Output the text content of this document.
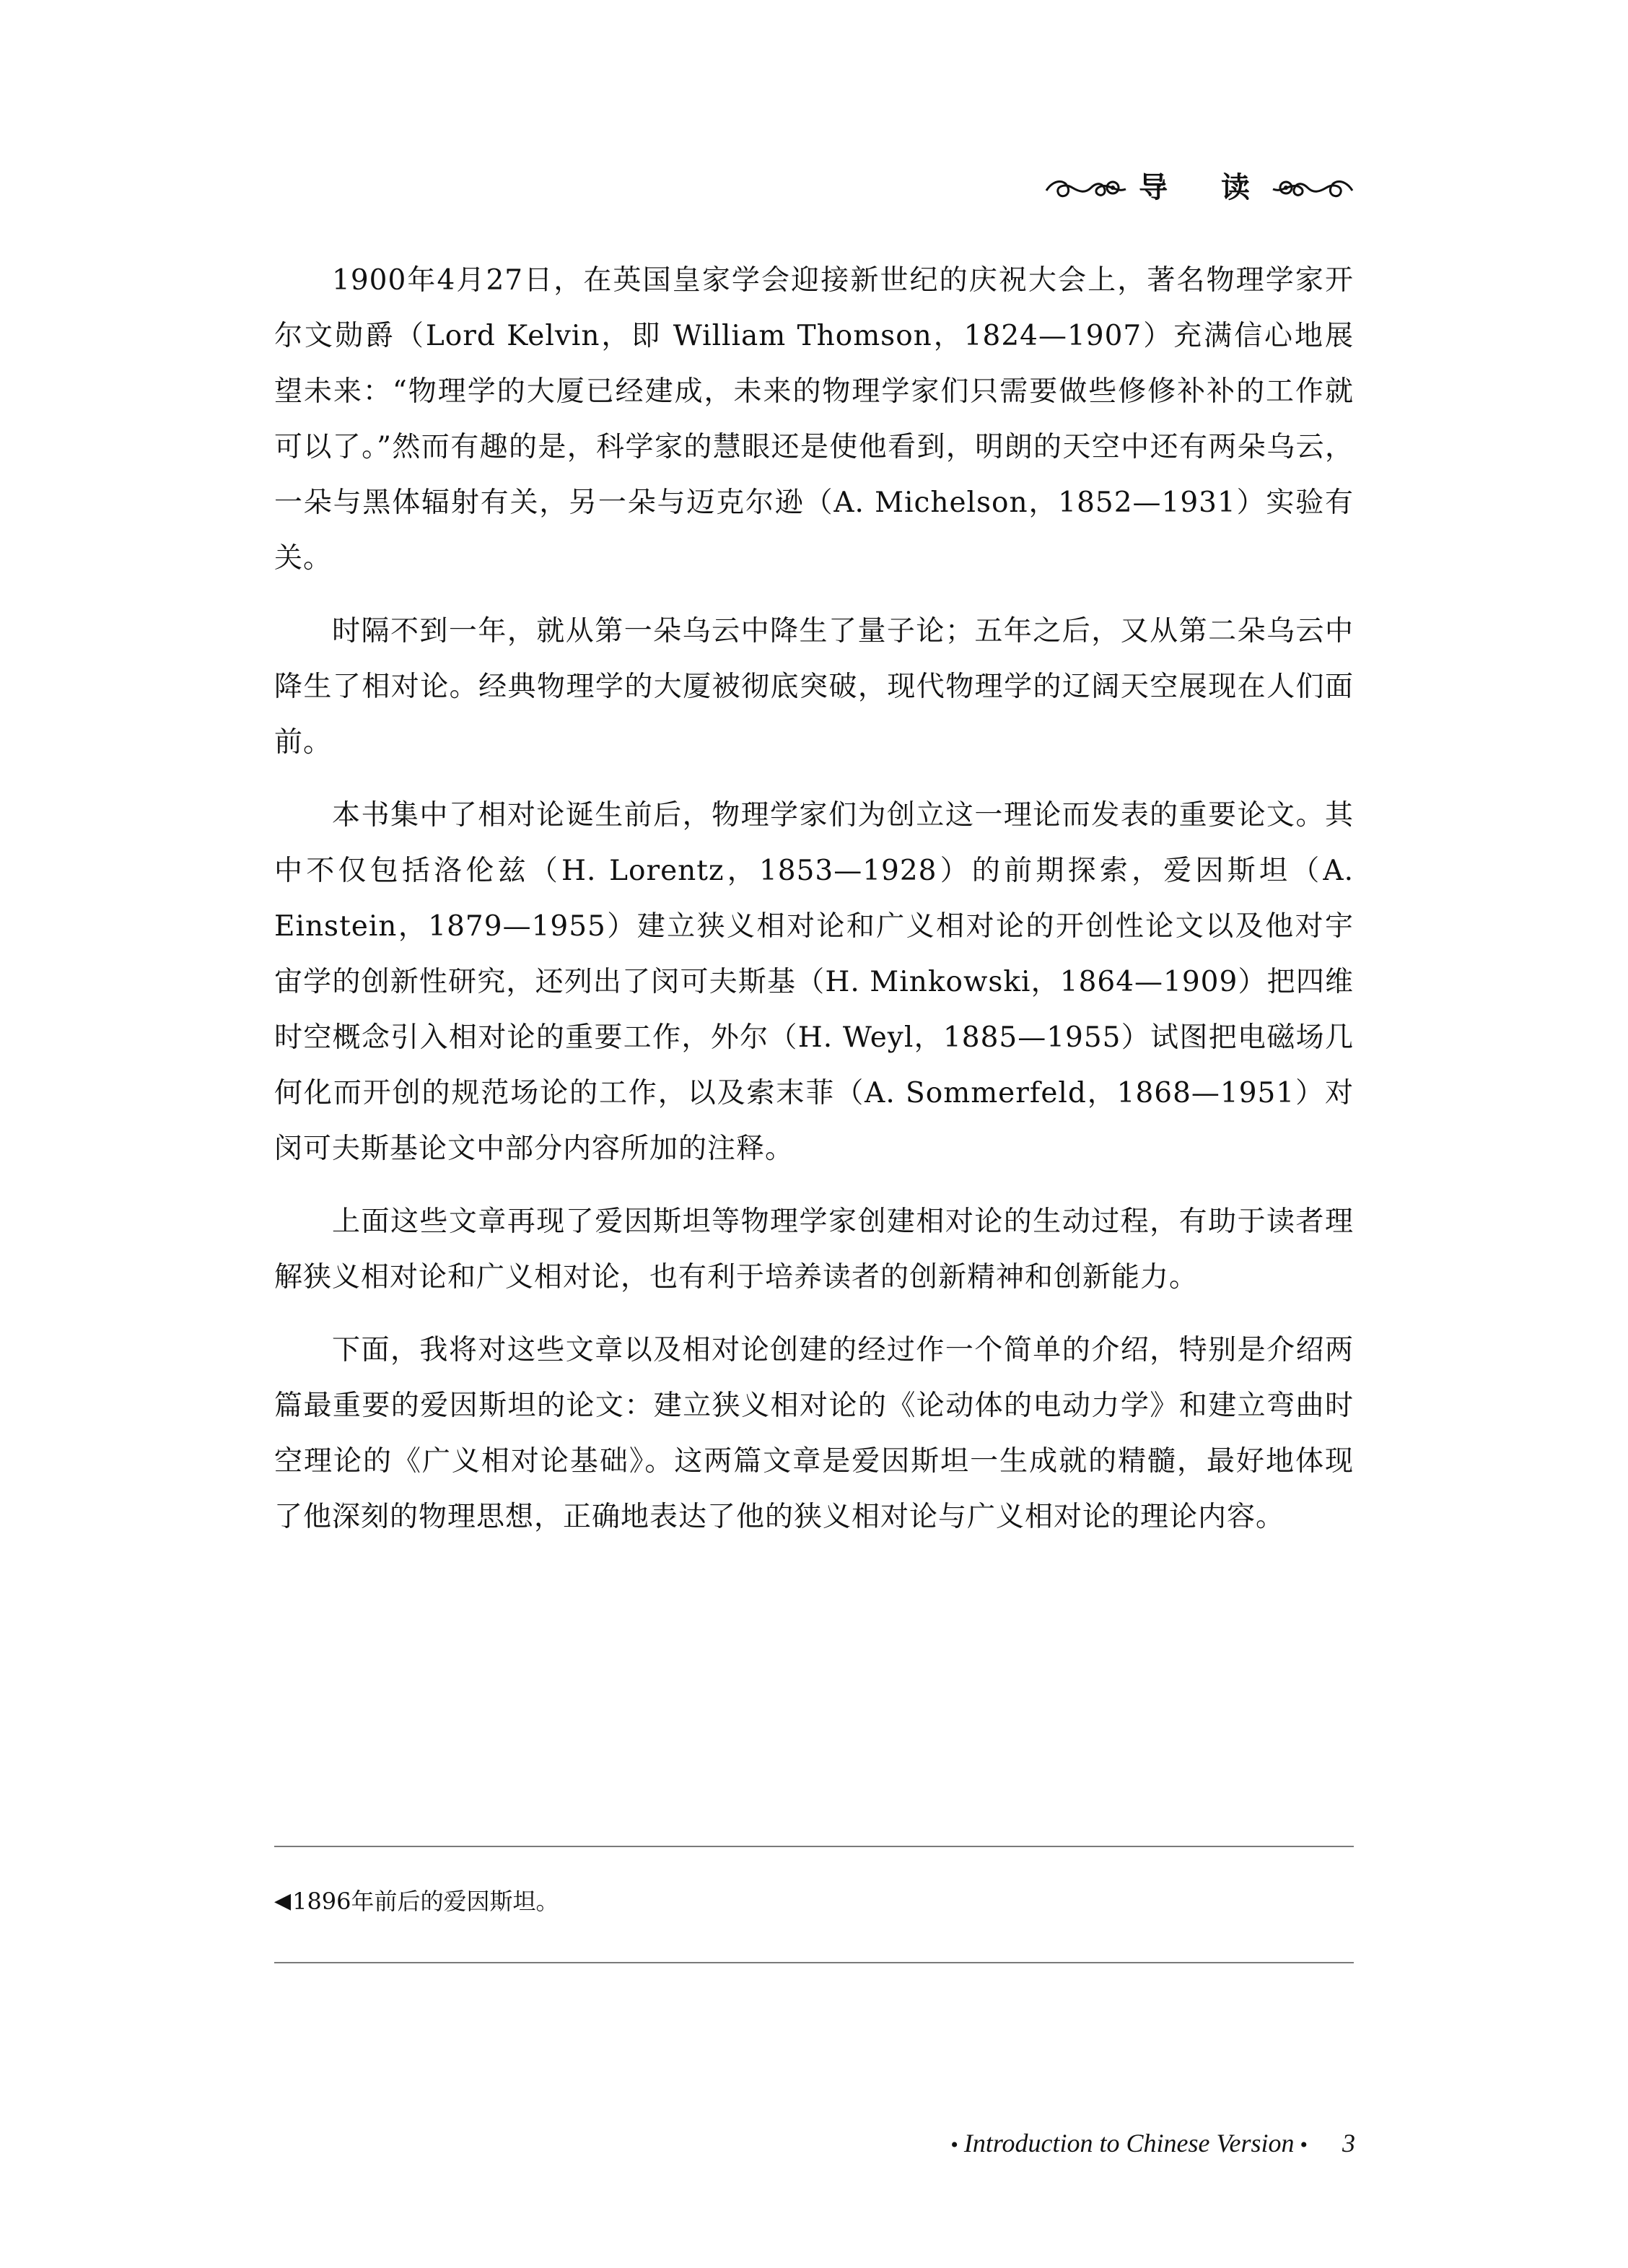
导 读

1900年4月27日，在英国皇家学会迎接新世纪的庆祝大会上，著名物理学家开尔文勋爵（Lord Kelvin，即 William Thomson，1824—1907）充满信心地展望未来：“物理学的大厦已经建成，未来的物理学家们只需要做些修修补补的工作就可以了。”然而有趣的是，科学家的慧眼还是使他看到，明朗的天空中还有两朵乌云，一朵与黑体辐射有关，另一朵与迈克尔逊（A. Michelson，1852—1931）实验有关。

时隔不到一年，就从第一朵乌云中降生了量子论；五年之后，又从第二朵乌云中降生了相对论。经典物理学的大厦被彻底突破，现代物理学的辽阔天空展现在人们面前。

本书集中了相对论诞生前后，物理学家们为创立这一理论而发表的重要论文。其中不仅包括洛伦兹（H. Lorentz，1853—1928）的前期探索，爱因斯坦（A. Einstein，1879—1955）建立狭义相对论和广义相对论的开创性论文以及他对宇宙学的创新性研究，还列出了闵可夫斯基（H. Minkowski，1864—1909）把四维时空概念引入相对论的重要工作，外尔（H. Weyl，1885—1955）试图把电磁场几何化而开创的规范场论的工作，以及索末菲（A. Sommerfeld，1868—1951）对闵可夫斯基论文中部分内容所加的注释。

上面这些文章再现了爱因斯坦等物理学家创建相对论的生动过程，有助于读者理解狭义相对论和广义相对论，也有利于培养读者的创新精神和创新能力。

下面，我将对这些文章以及相对论创建的经过作一个简单的介绍，特别是介绍两篇最重要的爱因斯坦的论文：建立狭义相对论的《论动体的电动力学》和建立弯曲时空理论的《广义相对论基础》。这两篇文章是爱因斯坦一生成就的精髓，最好地体现了他深刻的物理思想，正确地表达了他的狭义相对论与广义相对论的理论内容。

◀ 1896年前后的爱因斯坦。
• Introduction to Chinese Version • 3
